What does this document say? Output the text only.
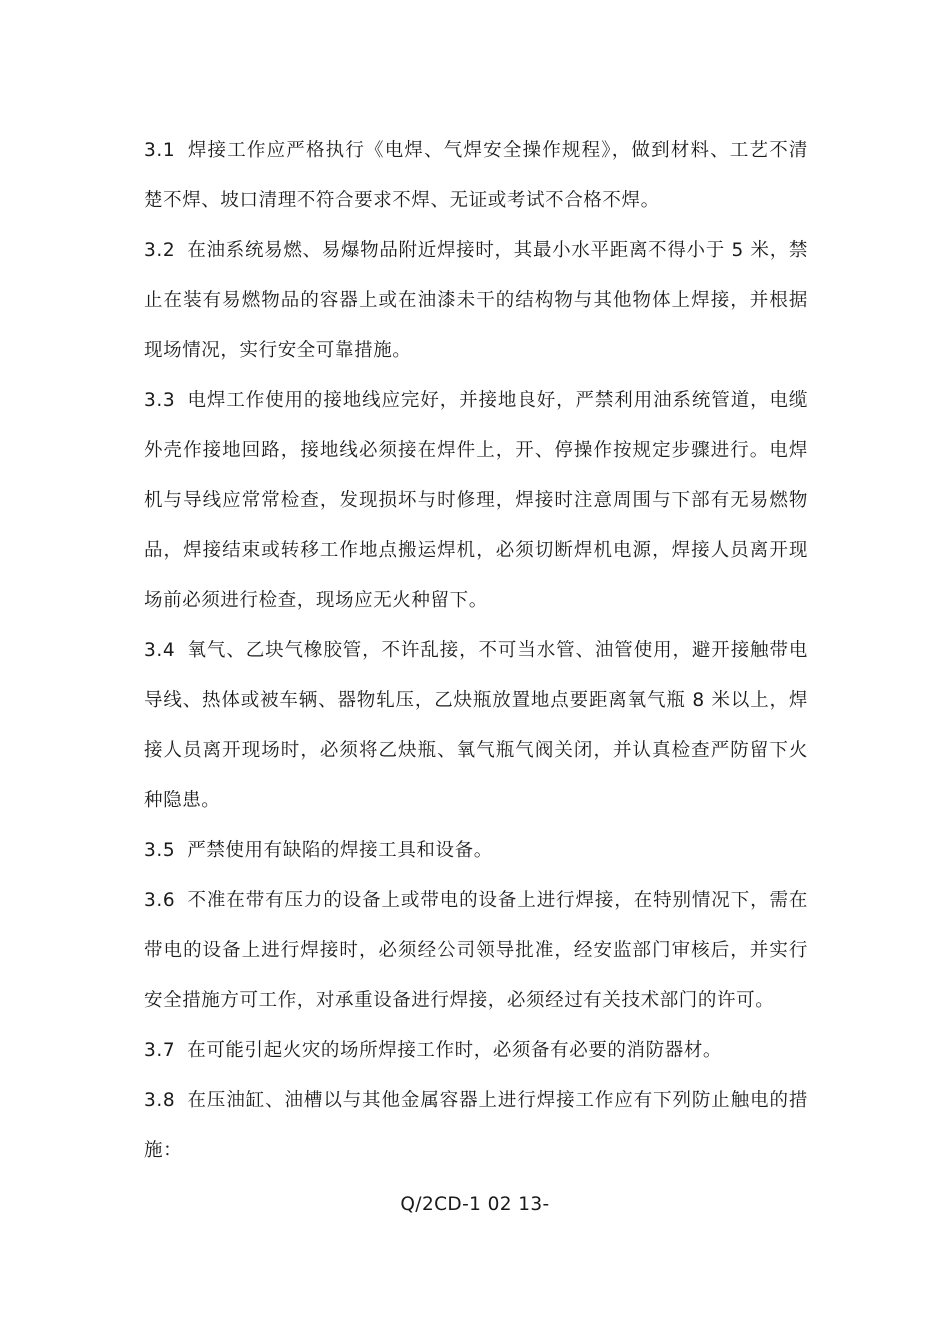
3.1 焊接工作应严格执行《电焊、气焊安全操作规程》，做到材料、工艺不清楚不焊、坡口清理不符合要求不焊、无证或考试不合格不焊。

3.2 在油系统易燃、易爆物品附近焊接时，其最小水平距离不得小于 5 米，禁止在装有易燃物品的容器上或在油漆未干的结构物与其他物体上焊接，并根据现场情况，实行安全可靠措施。

3.3 电焊工作使用的接地线应完好，并接地良好，严禁利用油系统管道，电缆外壳作接地回路，接地线必须接在焊件上，开、停操作按规定步骤进行。电焊机与导线应常常检查，发现损坏与时修理，焊接时注意周围与下部有无易燃物品，焊接结束或转移工作地点搬运焊机，必须切断焊机电源，焊接人员离开现场前必须进行检查，现场应无火种留下。

3.4 氧气、乙块气橡胶管，不许乱接，不可当水管、油管使用，避开接触带电导线、热体或被车辆、器物轧压，乙炔瓶放置地点要距离氧气瓶 8 米以上，焊接人员离开现场时，必须将乙炔瓶、氧气瓶气阀关闭，并认真检查严防留下火种隐患。

3.5 严禁使用有缺陷的焊接工具和设备。

3.6 不准在带有压力的设备上或带电的设备上进行焊接，在特别情况下，需在带电的设备上进行焊接时，必须经公司领导批准，经安监部门审核后，并实行安全措施方可工作，对承重设备进行焊接，必须经过有关技术部门的许可。

3.7 在可能引起火灾的场所焊接工作时，必须备有必要的消防器材。

3.8 在压油缸、油槽以与其他金属容器上进行焊接工作应有下列防止触电的措施：

Q/2CD-1 02 13-
